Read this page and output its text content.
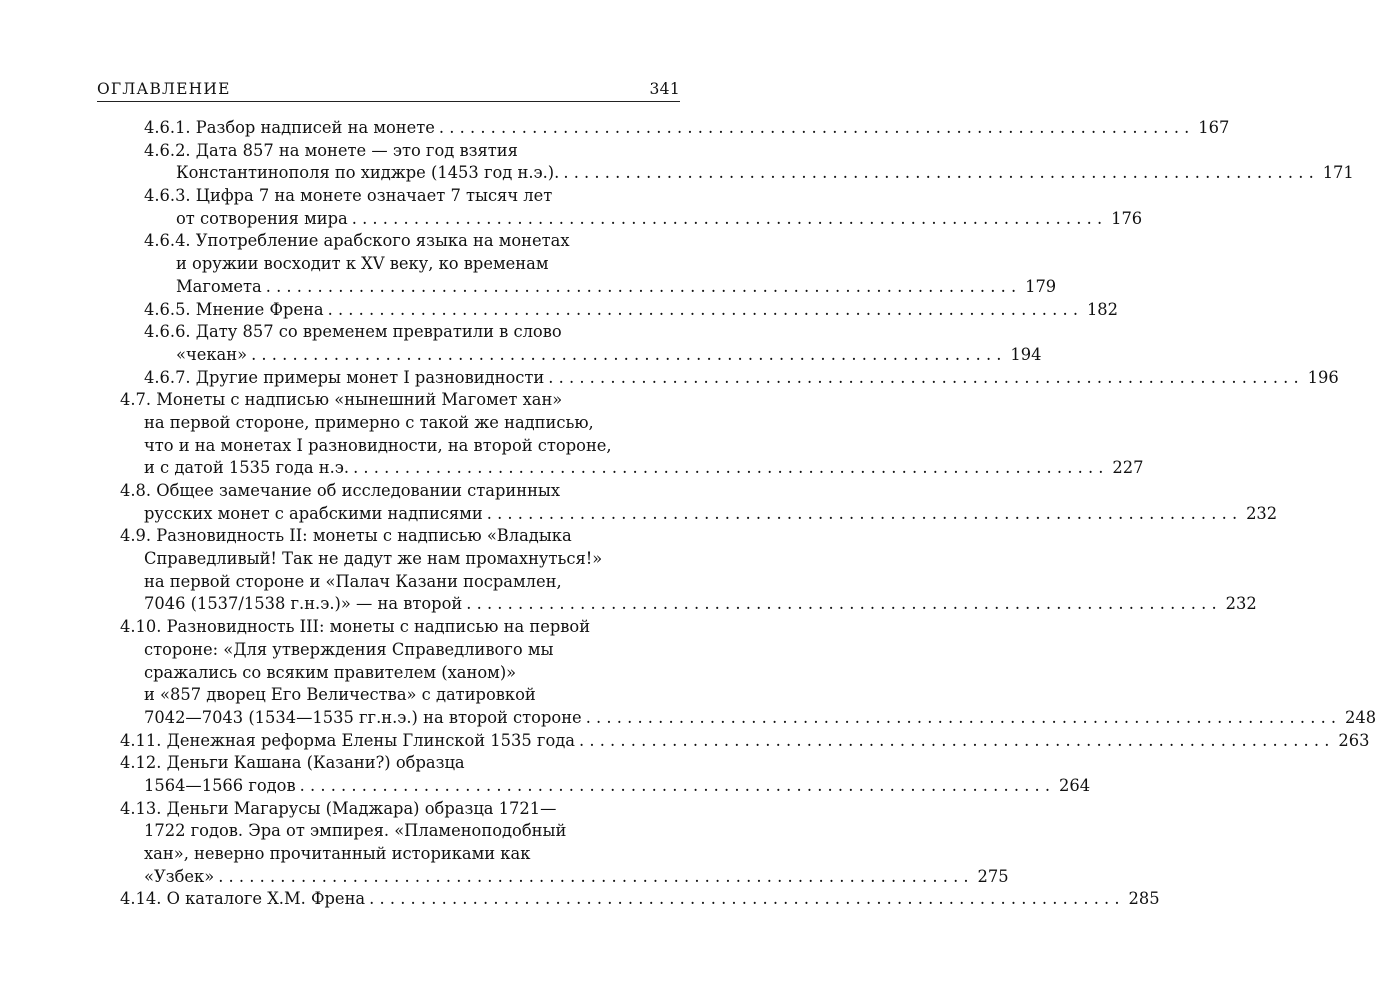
ОГЛАВЛЕНИЕ	341
4.6.1. Разбор надписей на монете . . . . . . . . . . . . . . . . . . . . . . . . . . . . . . . . . . . . . . . . . . . . . . . . . . . . . . . . . . . . . . . . . . . . . . . . . 167
4.6.2. Дата 857 на монете — это год взятия
Константинополя по хиджре (1453 год н.э.). . . . . . . . . . . . . . . . . . . . . . . . . . . . . . . . . . . . . . . . . . . . . . . . . . . . . . . . . . . . . . . . . . . . . . . . . . 171
4.6.3. Цифра 7 на монете означает 7 тысяч лет
от сотворения мира . . . . . . . . . . . . . . . . . . . . . . . . . . . . . . . . . . . . . . . . . . . . . . . . . . . . . . . . . . . . . . . . . . . . . . . . . 176
4.6.4. Употребление арабского языка на монетах
и оружии восходит к XV веку, ко временам
Магомета . . . . . . . . . . . . . . . . . . . . . . . . . . . . . . . . . . . . . . . . . . . . . . . . . . . . . . . . . . . . . . . . . . . . . . . . . 179
4.6.5. Мнение Френа . . . . . . . . . . . . . . . . . . . . . . . . . . . . . . . . . . . . . . . . . . . . . . . . . . . . . . . . . . . . . . . . . . . . . . . . . 182
4.6.6. Дату 857 со временем превратили в слово
«чекан» . . . . . . . . . . . . . . . . . . . . . . . . . . . . . . . . . . . . . . . . . . . . . . . . . . . . . . . . . . . . . . . . . . . . . . . . . 194
4.6.7. Другие примеры монет I разновидности . . . . . . . . . . . . . . . . . . . . . . . . . . . . . . . . . . . . . . . . . . . . . . . . . . . . . . . . . . . . . . . . . . . . . . . . . 196
4.7. Монеты с надписью «нынешний Магомет хан»
на первой стороне, примерно с такой же надписью,
что и на монетах I разновидности, на второй стороне,
и с датой 1535 года н.э. . . . . . . . . . . . . . . . . . . . . . . . . . . . . . . . . . . . . . . . . . . . . . . . . . . . . . . . . . . . . . . . . . . . . . . . . . 227
4.8. Общее замечание об исследовании старинных
русских монет с арабскими надписями . . . . . . . . . . . . . . . . . . . . . . . . . . . . . . . . . . . . . . . . . . . . . . . . . . . . . . . . . . . . . . . . . . . . . . . . . 232
4.9. Разновидность II: монеты с надписью «Владыка
Справедливый! Так не дадут же нам промахнуться!»
на первой стороне и «Палач Казани посрамлен,
7046 (1537/1538 г.н.э.)» — на второй . . . . . . . . . . . . . . . . . . . . . . . . . . . . . . . . . . . . . . . . . . . . . . . . . . . . . . . . . . . . . . . . . . . . . . . . . 232
4.10. Разновидность III: монеты с надписью на первой
стороне: «Для утверждения Справедливого мы
сражались со всяким правителем (ханом)»
и «857 дворец Его Величества» с датировкой
7042—7043 (1534—1535 гг.н.э.) на второй стороне . . . . . . . . . . . . . . . . . . . . . . . . . . . . . . . . . . . . . . . . . . . . . . . . . . . . . . . . . . . . . . . . . . . . . . . . . 248
4.11. Денежная реформа Елены Глинской 1535 года . . . . . . . . . . . . . . . . . . . . . . . . . . . . . . . . . . . . . . . . . . . . . . . . . . . . . . . . . . . . . . . . . . . . . . . . . 263
4.12. Деньги Кашана (Казани?) образца
1564—1566 годов . . . . . . . . . . . . . . . . . . . . . . . . . . . . . . . . . . . . . . . . . . . . . . . . . . . . . . . . . . . . . . . . . . . . . . . . . 264
4.13. Деньги Магарусы (Маджара) образца 1721—
1722 годов. Эра от эмпирея. «Пламеноподобный
хан», неверно прочитанный историками как
«Узбек» . . . . . . . . . . . . . . . . . . . . . . . . . . . . . . . . . . . . . . . . . . . . . . . . . . . . . . . . . . . . . . . . . . . . . . . . . 275
4.14. О каталоге Х.М. Френа . . . . . . . . . . . . . . . . . . . . . . . . . . . . . . . . . . . . . . . . . . . . . . . . . . . . . . . . . . . . . . . . . . . . . . . . . 285
